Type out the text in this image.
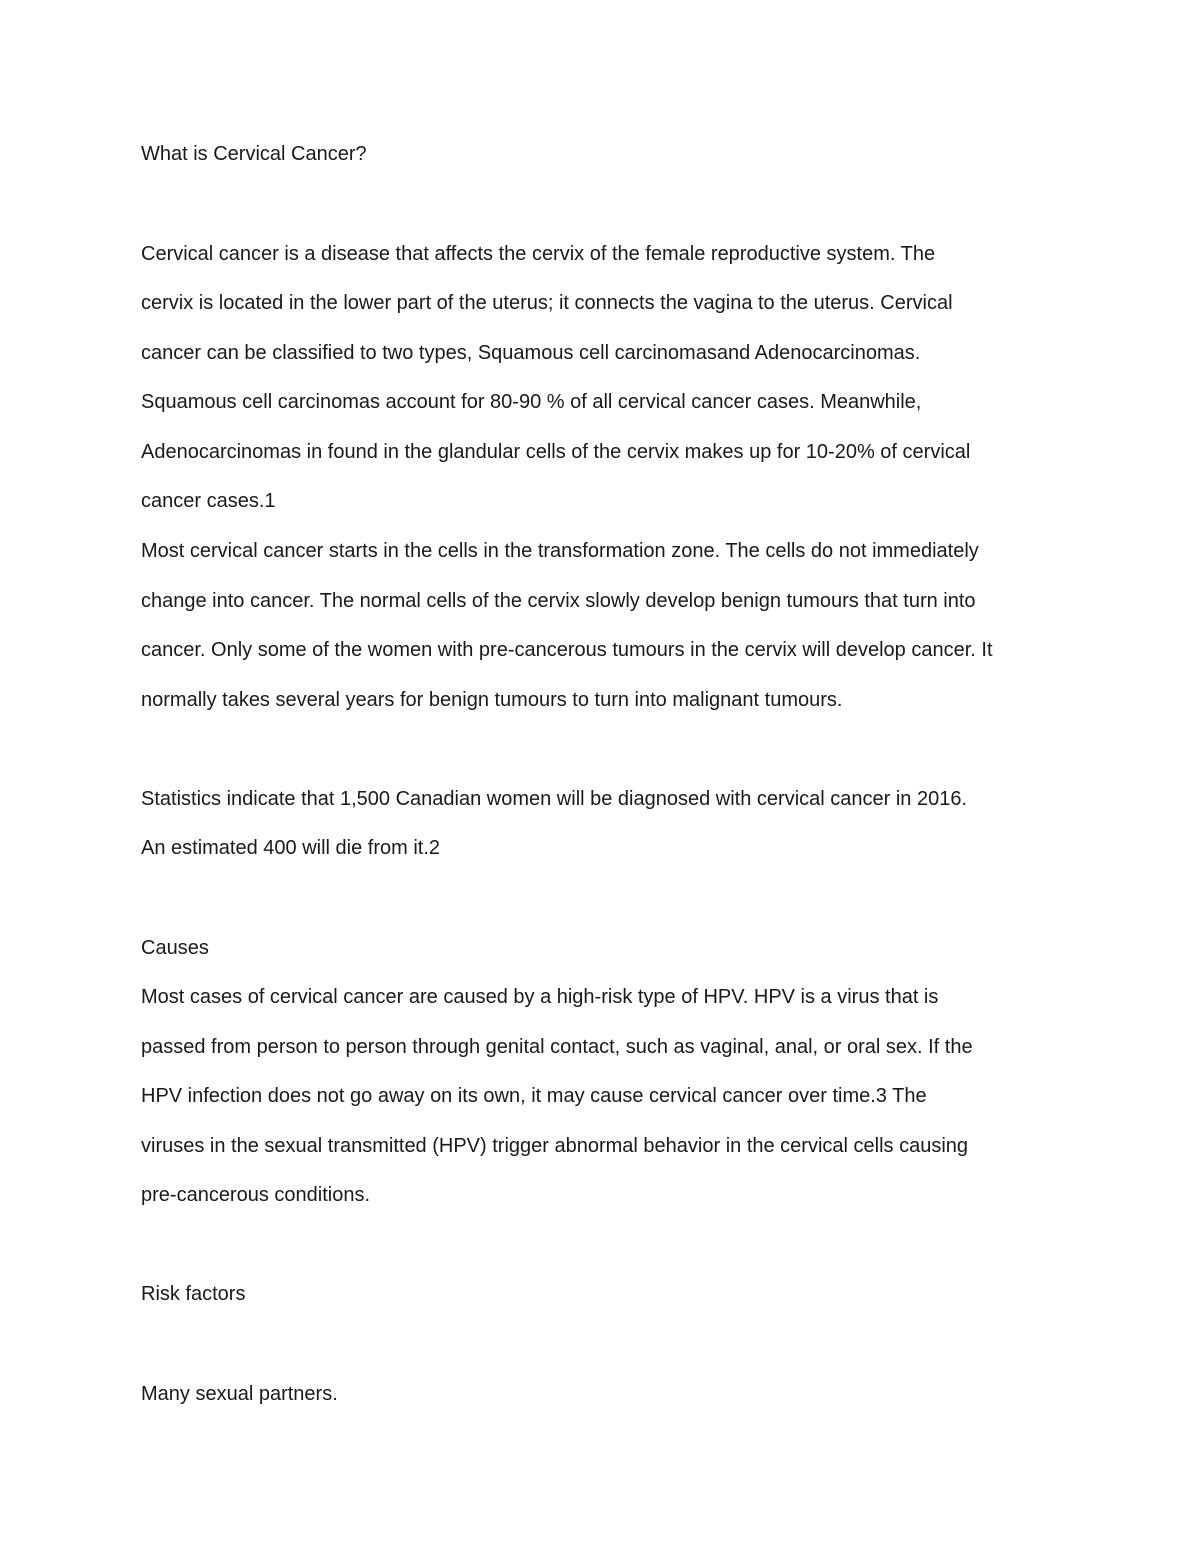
What is Cervical Cancer?
Cervical cancer is a disease that affects the cervix of the female reproductive system. The
cervix is located in the lower part of the uterus; it connects the vagina to the uterus. Cervical
cancer can be classified to two types, Squamous cell carcinomasand Adenocarcinomas.
Squamous cell carcinomas account for 80-90 % of all cervical cancer cases. Meanwhile,
Adenocarcinomas in found in the glandular cells of the cervix makes up for 10-20% of cervical
cancer cases.1
Most cervical cancer starts in the cells in the transformation zone. The cells do not immediately
change into cancer. The normal cells of the cervix slowly develop benign tumours that turn into
cancer. Only some of the women with pre-cancerous tumours in the cervix will develop cancer. It
normally takes several years for benign tumours to turn into malignant tumours.
Statistics indicate that 1,500 Canadian women will be diagnosed with cervical cancer in 2016.
An estimated 400 will die from it.2
Causes
Most cases of cervical cancer are caused by a high-risk type of HPV. HPV is a virus that is
passed from person to person through genital contact, such as vaginal, anal, or oral sex. If the
HPV infection does not go away on its own, it may cause cervical cancer over time.3 The
viruses in the sexual transmitted (HPV) trigger abnormal behavior in the cervical cells causing
pre-cancerous conditions.
Risk factors
Many sexual partners.
